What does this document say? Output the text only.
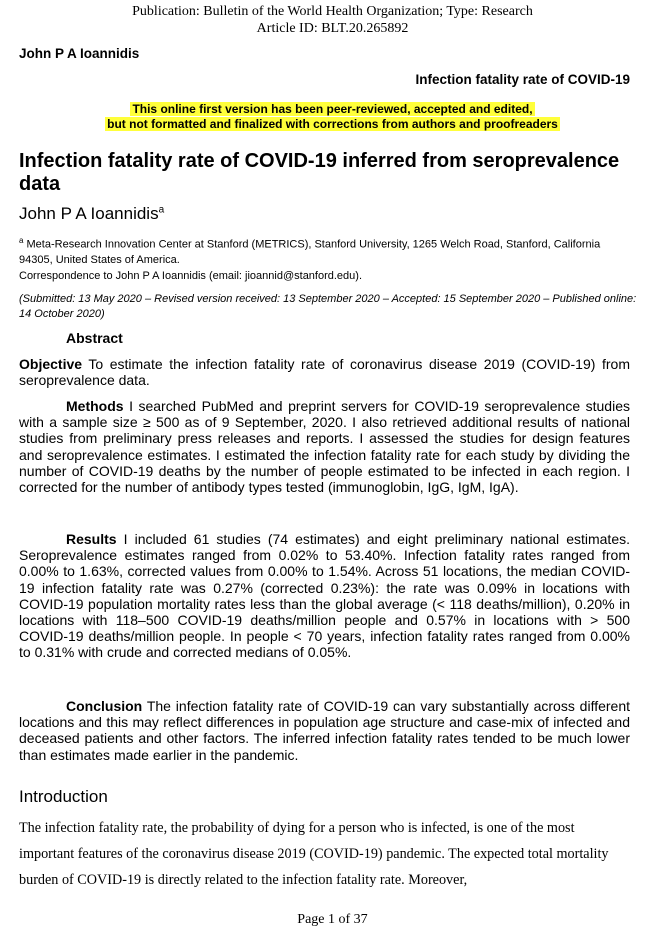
Publication: Bulletin of the World Health Organization; Type: Research
Article ID: BLT.20.265892
John P A Ioannidis
Infection fatality rate of COVID-19
This online first version has been peer-reviewed, accepted and edited,
but not formatted and finalized with corrections from authors and proofreaders
Infection fatality rate of COVID-19 inferred from seroprevalence data
John P A Ioannidis$^a$
$^a$ Meta-Research Innovation Center at Stanford (METRICS), Stanford University, 1265 Welch Road, Stanford, California 94305, United States of America.
Correspondence to John P A Ioannidis (email: jioannid@stanford.edu).
(Submitted: 13 May 2020 – Revised version received: 13 September 2020 – Accepted: 15 September 2020 – Published online: 14 October 2020)
Abstract

Objective To estimate the infection fatality rate of coronavirus disease 2019 (COVID-19) from seroprevalence data.

Methods I searched PubMed and preprint servers for COVID-19 seroprevalence studies with a sample size ≥ 500 as of 9 September, 2020. I also retrieved additional results of national studies from preliminary press releases and reports. I assessed the studies for design features and seroprevalence estimates. I estimated the infection fatality rate for each study by dividing the number of COVID-19 deaths by the number of people estimated to be infected in each region. I corrected for the number of antibody types tested (immunoglobin, IgG, IgM, IgA).

Results I included 61 studies (74 estimates) and eight preliminary national estimates. Seroprevalence estimates ranged from 0.02% to 53.40%. Infection fatality rates ranged from 0.00% to 1.63%, corrected values from 0.00% to 1.54%. Across 51 locations, the median COVID-19 infection fatality rate was 0.27% (corrected 0.23%): the rate was 0.09% in locations with COVID-19 population mortality rates less than the global average (< 118 deaths/million), 0.20% in locations with 118–500 COVID-19 deaths/million people and 0.57% in locations with > 500 COVID-19 deaths/million people. In people < 70 years, infection fatality rates ranged from 0.00% to 0.31% with crude and corrected medians of 0.05%.

Conclusion The infection fatality rate of COVID-19 can vary substantially across different locations and this may reflect differences in population age structure and case-mix of infected and deceased patients and other factors. The inferred infection fatality rates tended to be much lower than estimates made earlier in the pandemic.

Introduction

The infection fatality rate, the probability of dying for a person who is infected, is one of the most important features of the coronavirus disease 2019 (COVID-19) pandemic. The expected total mortality burden of COVID-19 is directly related to the infection fatality rate. Moreover,

Page 1 of 37
